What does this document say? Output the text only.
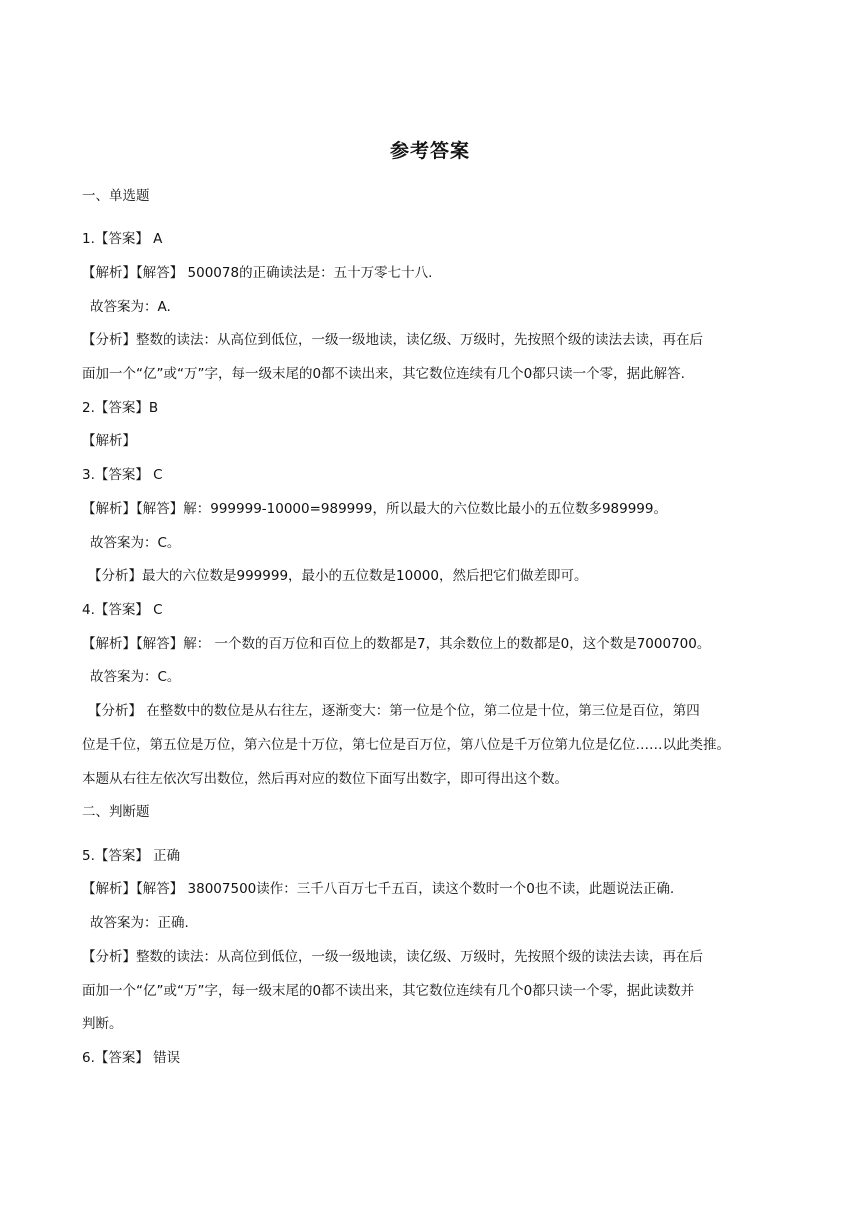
参考答案
一、单选题
1.【答案】 A
【解析】【解答】 500078的正确读法是：五十万零七十八.
故答案为：A.
【分析】整数的读法：从高位到低位，一级一级地读，读亿级、万级时，先按照个级的读法去读，再在后
面加一个“亿”或“万”字，每一级末尾的0都不读出来，其它数位连续有几个0都只读一个零，据此解答.
2.【答案】B
【解析】
3.【答案】 C
【解析】【解答】解：999999-10000=989999，所以最大的六位数比最小的五位数多989999。
故答案为：C。
【分析】最大的六位数是999999，最小的五位数是10000，然后把它们做差即可。
4.【答案】 C
【解析】【解答】解： 一个数的百万位和百位上的数都是7，其余数位上的数都是0，这个数是7000700。
故答案为：C。
【分析】 在整数中的数位是从右往左，逐渐变大：第一位是个位，第二位是十位，第三位是百位，第四
位是千位，第五位是万位，第六位是十万位，第七位是百万位，第八位是千万位第九位是亿位……以此类推。
本题从右往左依次写出数位，然后再对应的数位下面写出数字，即可得出这个数。
二、判断题
5.【答案】 正确
【解析】【解答】 38007500读作：三千八百万七千五百，读这个数时一个0也不读，此题说法正确.
故答案为：正确.
【分析】整数的读法：从高位到低位，一级一级地读，读亿级、万级时，先按照个级的读法去读，再在后
面加一个“亿”或“万”字，每一级末尾的0都不读出来，其它数位连续有几个0都只读一个零，据此读数并
判断。
6.【答案】 错误
